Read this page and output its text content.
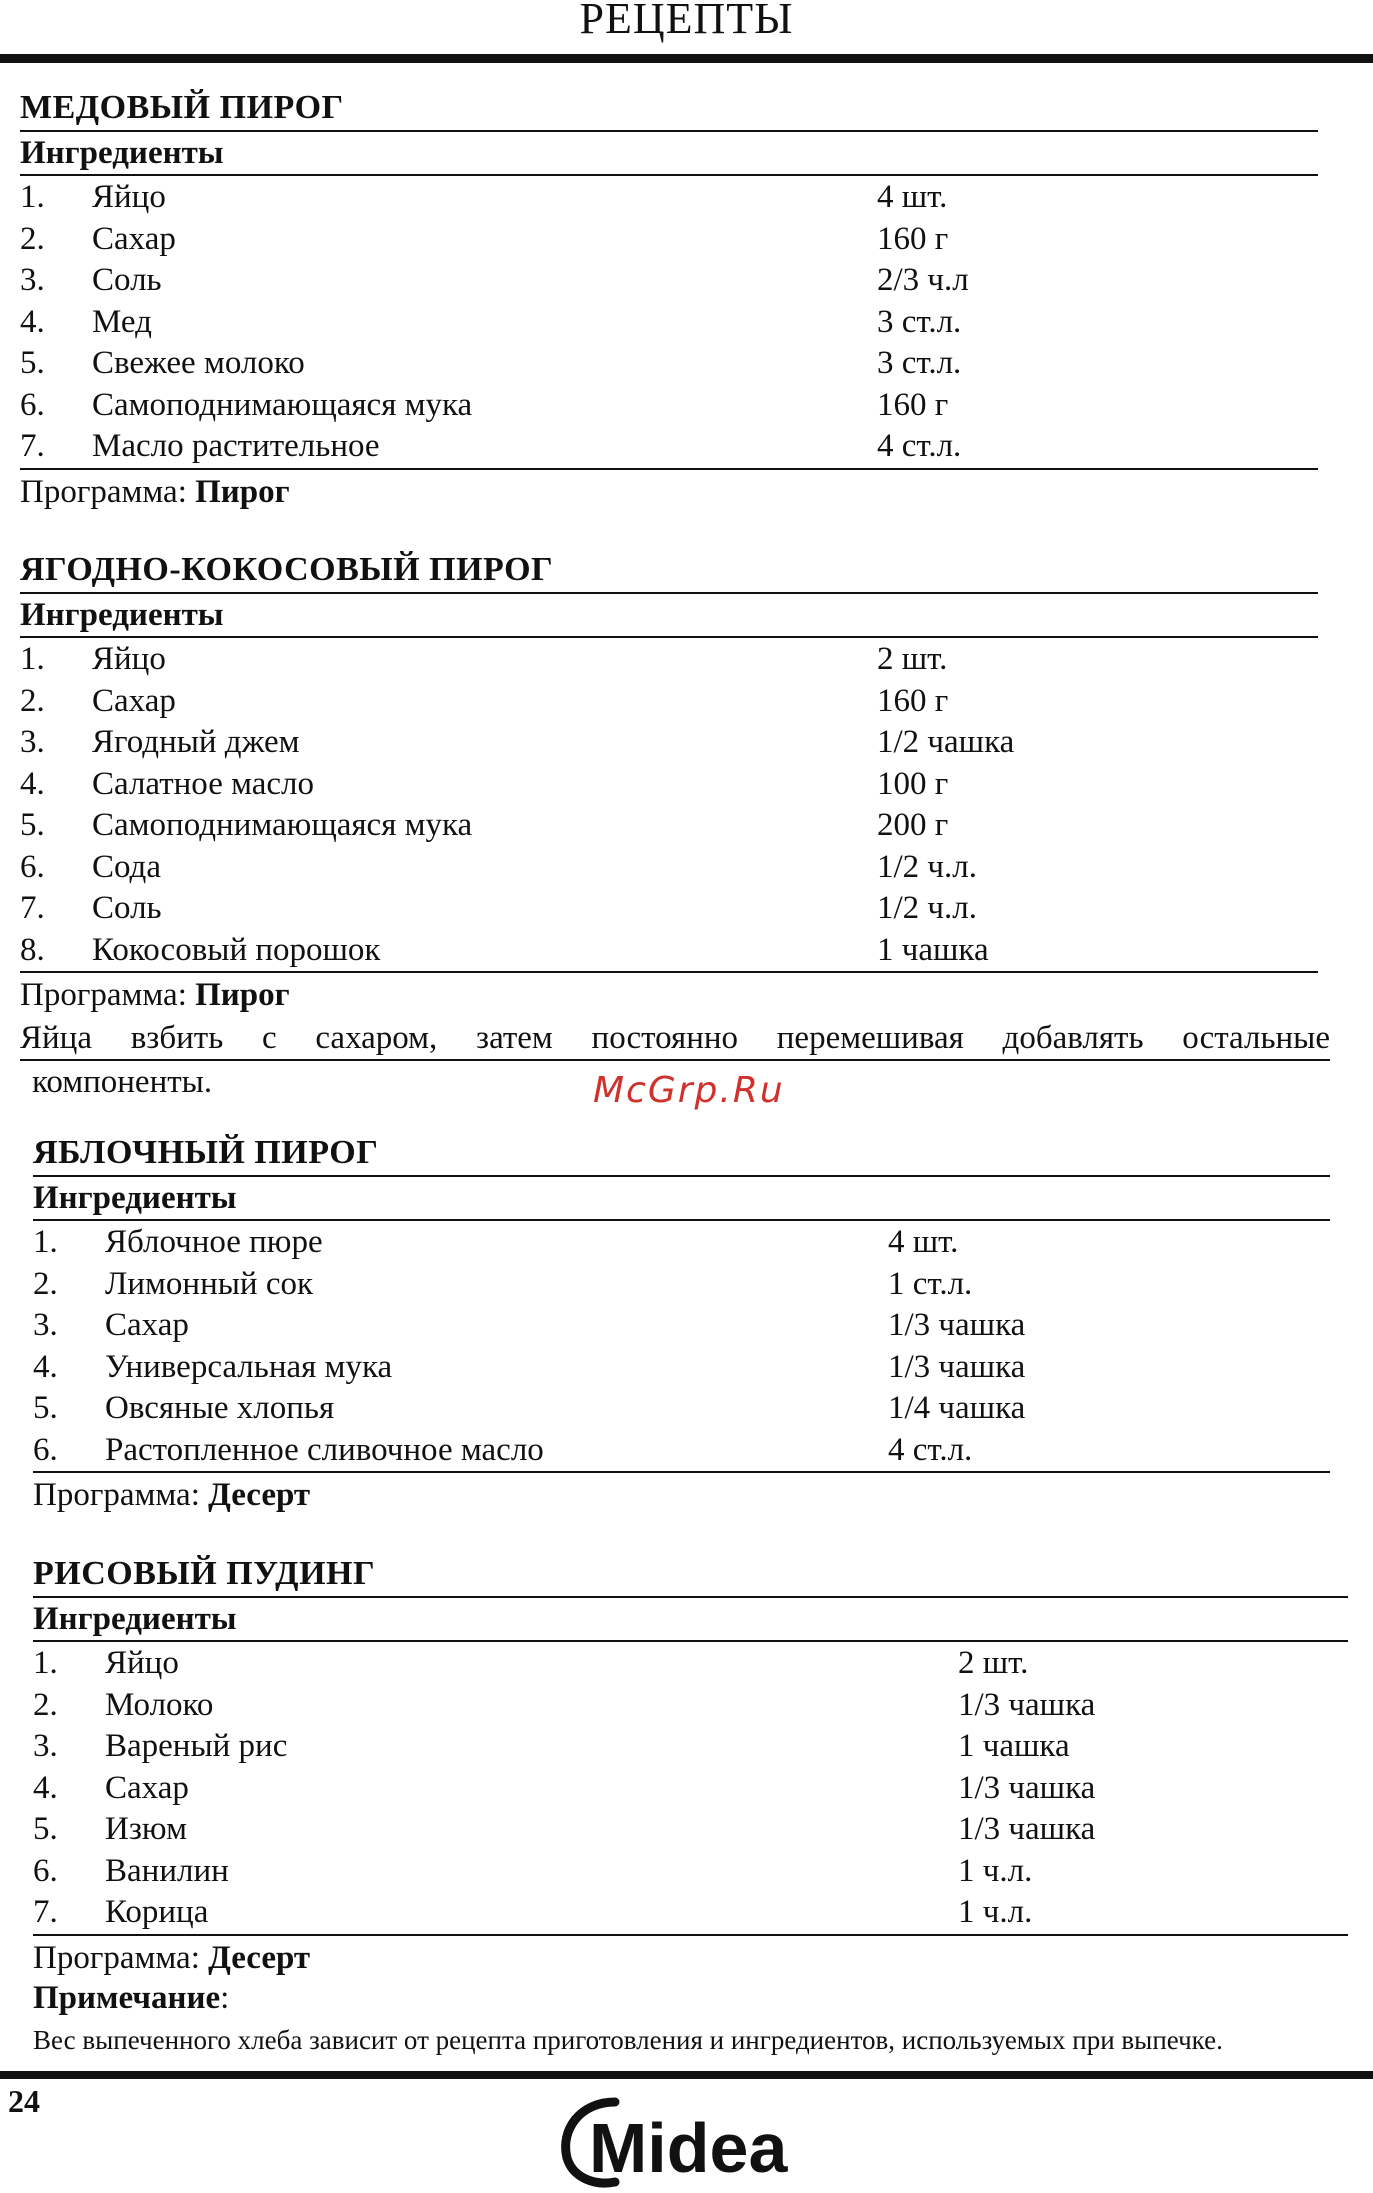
РЕЦЕПТЫ
МЕДОВЫЙ ПИРОГ
Ингредиенты
1.	Яйцо	4 шт.
2.	Сахар	160 г
3.	Соль	2/3 ч.л
4.	Мед	3 ст.л.
5.	Свежее молоко	3 ст.л.
6.	Самоподнимающаяся мука	160 г
7.	Масло растительное	4 ст.л.
Программа: Пирог
ЯГОДНО-КОКОСОВЫЙ ПИРОГ
Ингредиенты
1.	Яйцо	2 шт.
2.	Сахар	160 г
3.	Ягодный джем	1/2 чашка
4.	Салатное масло	100 г
5.	Самоподнимающаяся мука	200 г
6.	Сода	1/2 ч.л.
7.	Соль	1/2 ч.л.
8.	Кокосовый порошок	1 чашка
Программа: Пирог
Яйца взбить с сахаром, затем постоянно перемешивая добавлять остальные
компоненты.	McGrp.Ru
ЯБЛОЧНЫЙ ПИРОГ
Ингредиенты
1.	Яблочное пюре	4 шт.
2.	Лимонный сок	1 ст.л.
3.	Сахар	1/3 чашка
4.	Универсальная мука	1/3 чашка
5.	Овсяные хлопья	1/4 чашка
6.	Растопленное сливочное масло	4 ст.л.
Программа: Десерт
РИСОВЫЙ ПУДИНГ
Ингредиенты
1.	Яйцо	2 шт.
2.	Молоко	1/3 чашка
3.	Вареный рис	1 чашка
4.	Сахар	1/3 чашка
5.	Изюм	1/3 чашка
6.	Ванилин	1 ч.л.
7.	Корица	1 ч.л.
Программа: Десерт
Примечание:
Вес выпеченного хлеба зависит от рецепта приготовления и ингредиентов, используемых при выпечке.
24
Midea
